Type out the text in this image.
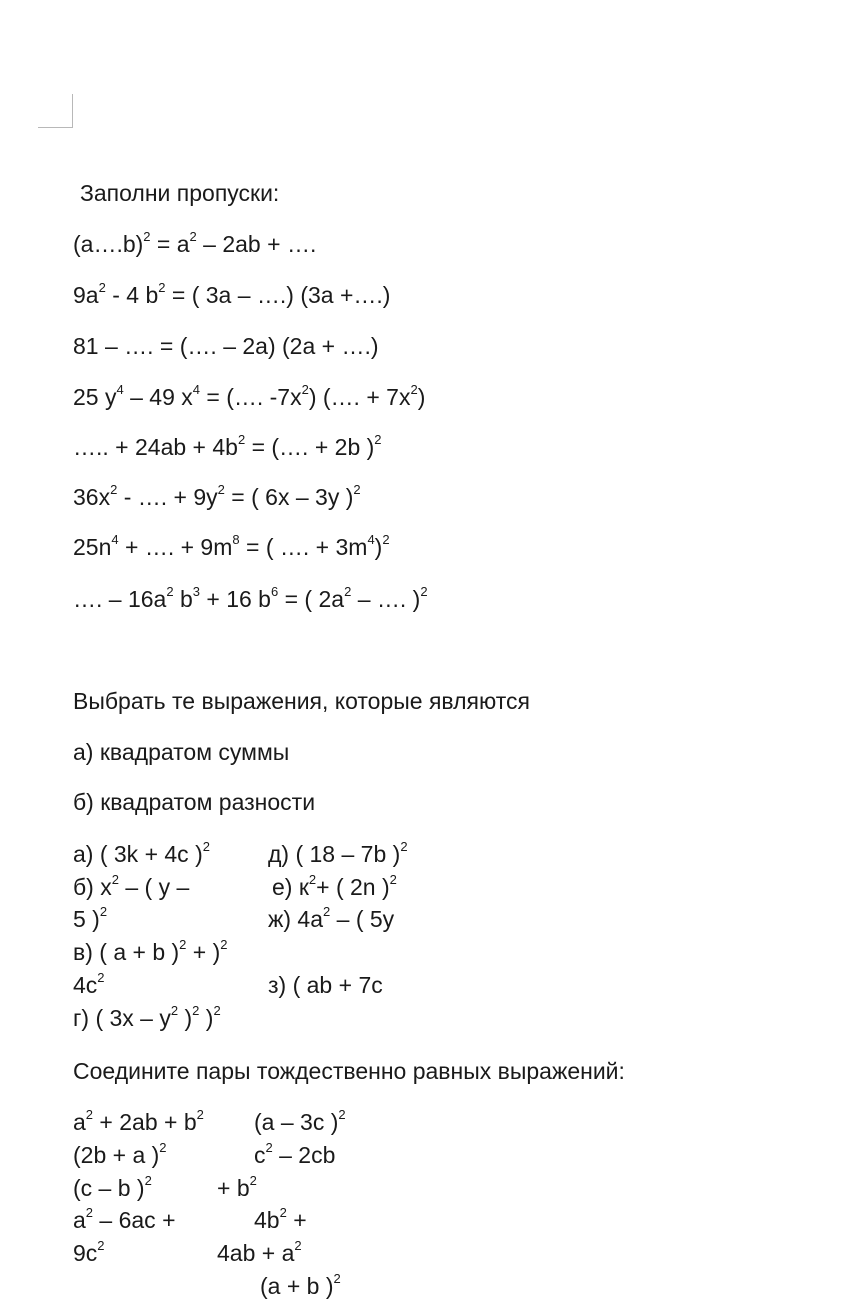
Заполни пропуски:
(a….b)$^2$ = $a^2 - 2ab$ + ….
$9a^2 - 4$ $b^2$ = ( 3a – ….) (3a +….)
81 – …. = (…. – 2a) (2a + ….)
25 $y^4 - 49$ $x^4$ = (…. $-7x^2$) (…. + $7x^2$)
….. + $24ab + 4b^2$ = (…. + 2b )$^2$
$36x^2$ - …. + $9y^2$ = ( 6x – 3y )$^2$
$25n^4$ + …. + $9m^8$ = ( …. + $3m^4)^2$
…. – $16a^2$ $b^3 + 16$ $b^6$ = ( $2a^2$ – …. )$^2$
Выбрать те выражения, которые являются
а) квадратом суммы
б) квадратом разности
а) ( 3k + 4c )$^2$
б) $x^2$ – ( y –
5 )$^2$
в) ( a + b )$^2$ + )$^2$
$4c^2$
г) ( $3x - y^2$ )$^2$ )$^2$
д) ( 18 – 7b )$^2$
е) $к^2+$ ( 2n )$^2$
ж) $4a^2$ – ( 5y
з) ( ab + 7c
Соедините пары тождественно равных выражений:
$a^2 + 2ab + b^2$
(2b + a )$^2$
(c – b )$^2$
$a^2 - 6ac$ +
$9c^2$
(a – 3c )$^2$
$c^2 - 2cb$
+ $b^2$
$4b^2$ +
$4ab + a^2$
(a + b )$^2$
